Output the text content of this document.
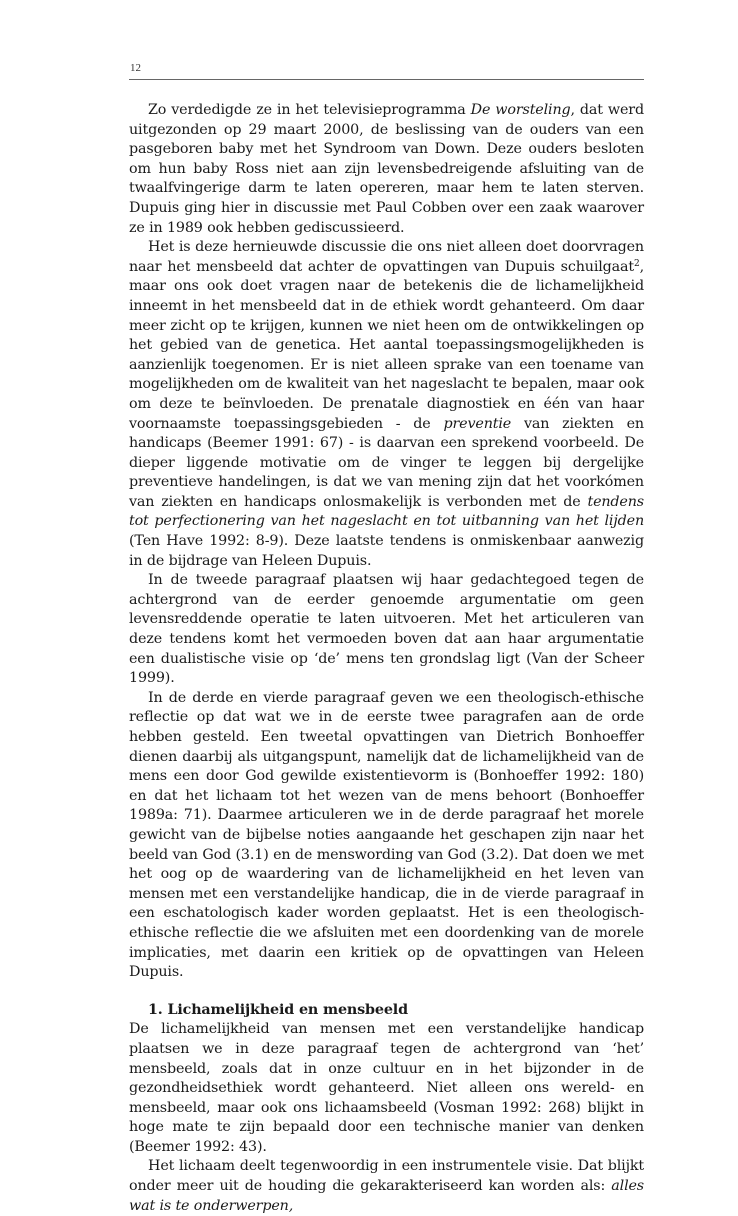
12

Zo verdedigde ze in het televisieprogramma De worsteling, dat werd uitgezonden op 29 maart 2000, de beslissing van de ouders van een pasgeboren baby met het Syndroom van Down. Deze ouders besloten om hun baby Ross niet aan zijn levensbedreigende afsluiting van de twaalfvingerige darm te laten opereren, maar hem te laten sterven. Dupuis ging hier in discussie met Paul Cobben over een zaak waarover ze in 1989 ook hebben gediscussieerd.

Het is deze hernieuwde discussie die ons niet alleen doet doorvragen naar het mensbeeld dat achter de opvattingen van Dupuis schuilgaat$^2$, maar ons ook doet vragen naar de betekenis die de lichamelijkheid inneemt in het mensbeeld dat in de ethiek wordt gehanteerd. Om daar meer zicht op te krijgen, kunnen we niet heen om de ontwikkelingen op het gebied van de genetica. Het aantal toepassingsmogelijkheden is aanzienlijk toegenomen. Er is niet alleen sprake van een toename van mogelijkheden om de kwaliteit van het nageslacht te bepalen, maar ook om deze te beïnvloeden. De prenatale diagnostiek en één van haar voornaamste toepassingsgebieden - de preventie van ziekten en handicaps (Beemer 1991: 67) - is daarvan een sprekend voorbeeld. De dieper liggende motivatie om de vinger te leggen bij dergelijke preventieve handelingen, is dat we van mening zijn dat het voorkómen van ziekten en handicaps onlosmakelijk is verbonden met de tendens tot perfectionering van het nageslacht en tot uitbanning van het lijden (Ten Have 1992: 8-9). Deze laatste tendens is onmiskenbaar aanwezig in de bijdrage van Heleen Dupuis.

In de tweede paragraaf plaatsen wij haar gedachtegoed tegen de achtergrond van de eerder genoemde argumentatie om geen levensreddende operatie te laten uitvoeren. Met het articuleren van deze tendens komt het vermoeden boven dat aan haar argumentatie een dualistische visie op ‘de’ mens ten grondslag ligt (Van der Scheer 1999).

In de derde en vierde paragraaf geven we een theologisch-ethische reflectie op dat wat we in de eerste twee paragrafen aan de orde hebben gesteld. Een tweetal opvattingen van Dietrich Bonhoeffer dienen daarbij als uitgangspunt, namelijk dat de lichamelijkheid van de mens een door God gewilde existentievorm is (Bonhoeffer 1992: 180) en dat het lichaam tot het wezen van de mens behoort (Bonhoeffer 1989a: 71). Daarmee articuleren we in de derde paragraaf het morele gewicht van de bijbelse noties aangaande het geschapen zijn naar het beeld van God (3.1) en de menswording van God (3.2). Dat doen we met het oog op de waardering van de lichamelijkheid en het leven van mensen met een verstandelijke handicap, die in de vierde paragraaf in een eschatologisch kader worden geplaatst. Het is een theologisch-ethische reflectie die we afsluiten met een doordenking van de morele implicaties, met daarin een kritiek op de opvattingen van Heleen Dupuis.

1. Lichamelijkheid en mensbeeld

De lichamelijkheid van mensen met een verstandelijke handicap plaatsen we in deze paragraaf tegen de achtergrond van ‘het’ mensbeeld, zoals dat in onze cultuur en in het bijzonder in de gezondheidsethiek wordt gehanteerd. Niet alleen ons wereld- en mensbeeld, maar ook ons lichaamsbeeld (Vosman 1992: 268) blijkt in hoge mate te zijn bepaald door een technische manier van denken (Beemer 1992: 43).

Het lichaam deelt tegenwoordig in een instrumentele visie. Dat blijkt onder meer uit de houding die gekarakteriseerd kan worden als: alles wat is te onderwerpen,
